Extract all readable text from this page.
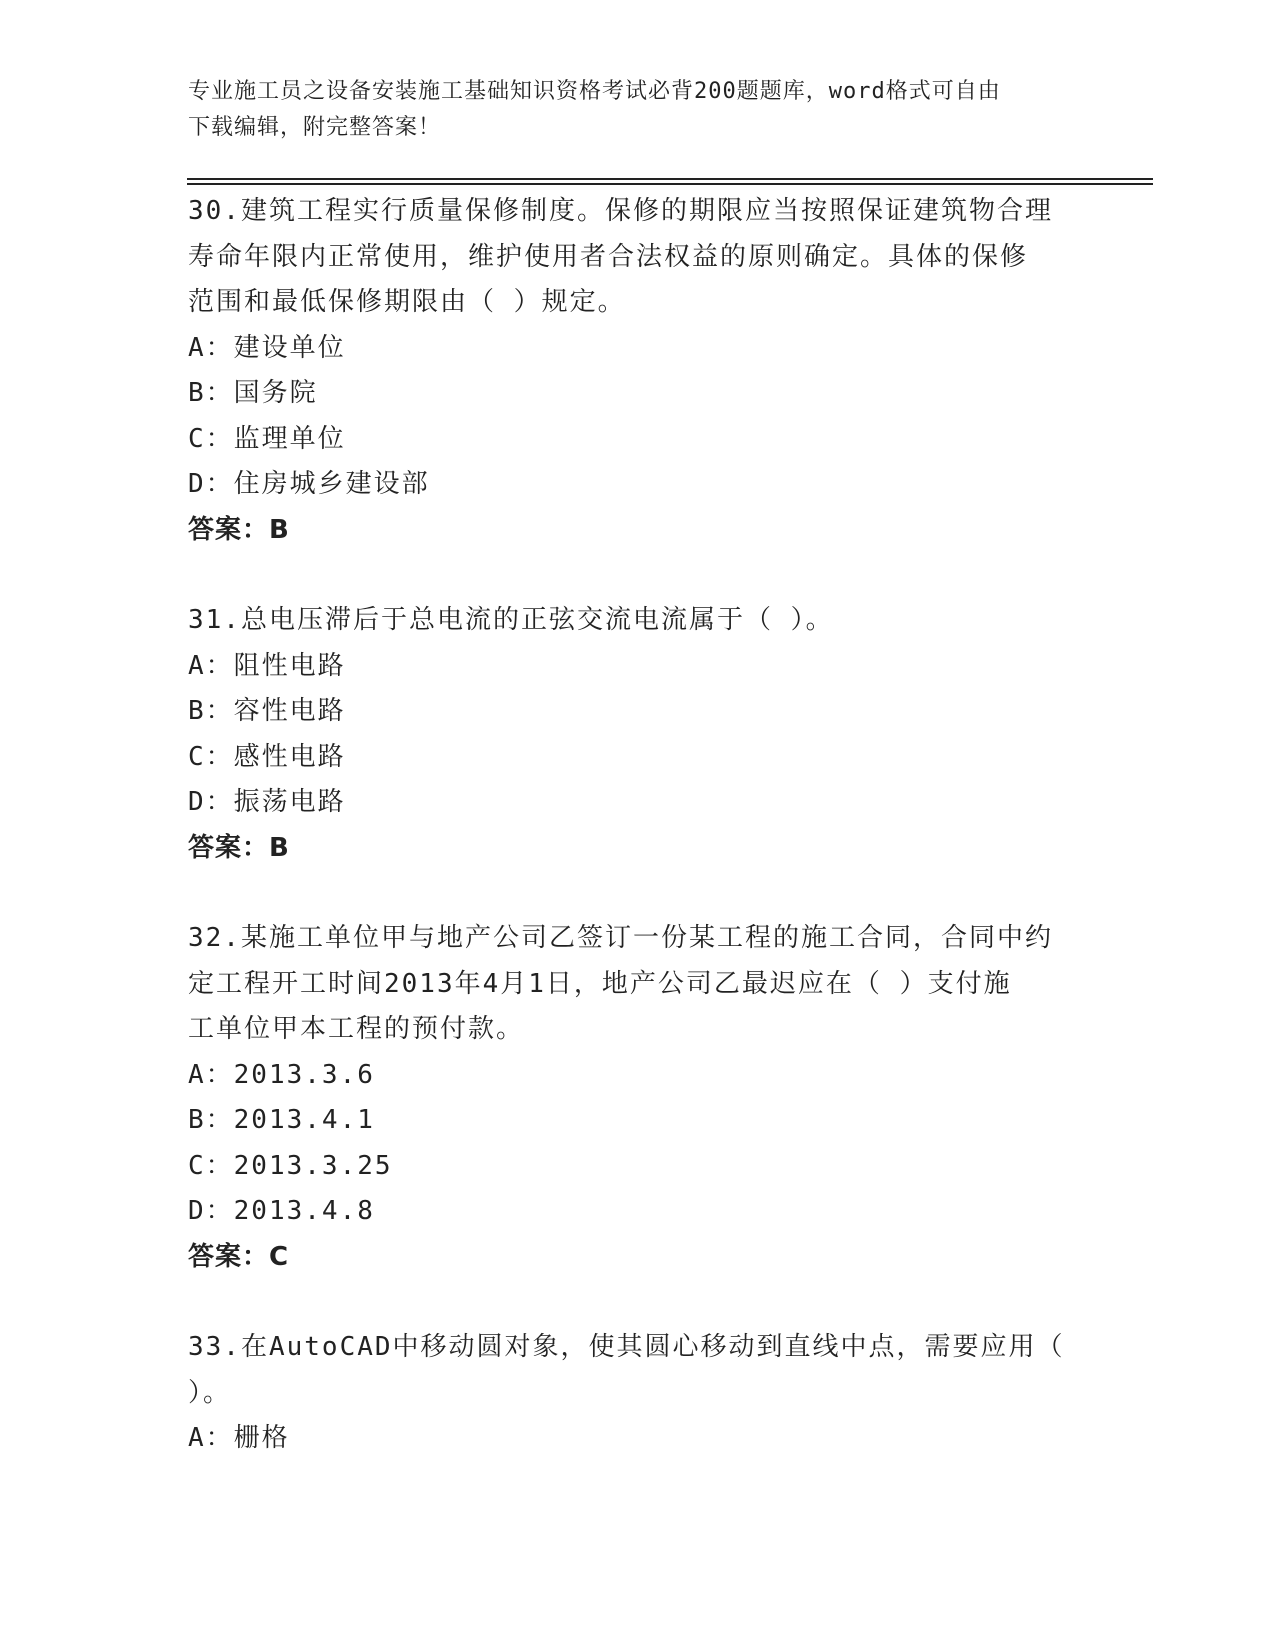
专业施工员之设备安装施工基础知识资格考试必背200题题库，word格式可自由
下载编辑，附完整答案！
30.建筑工程实行质量保修制度。保修的期限应当按照保证建筑物合理
寿命年限内正常使用，维护使用者合法权益的原则确定。具体的保修
范围和最低保修期限由（ ）规定。
A：建设单位
B：国务院
C：监理单位
D：住房城乡建设部
答案：B
31.总电压滞后于总电流的正弦交流电流属于（ ）。
A：阻性电路
B：容性电路
C：感性电路
D：振荡电路
答案：B
32.某施工单位甲与地产公司乙签订一份某工程的施工合同，合同中约
定工程开工时间2013年4月1日，地产公司乙最迟应在（ ）支付施
工单位甲本工程的预付款。
A：2013.3.6
B：2013.4.1
C：2013.3.25
D：2013.4.8
答案：C
33.在AutoCAD中移动圆对象，使其圆心移动到直线中点，需要应用（
）。
A：栅格
